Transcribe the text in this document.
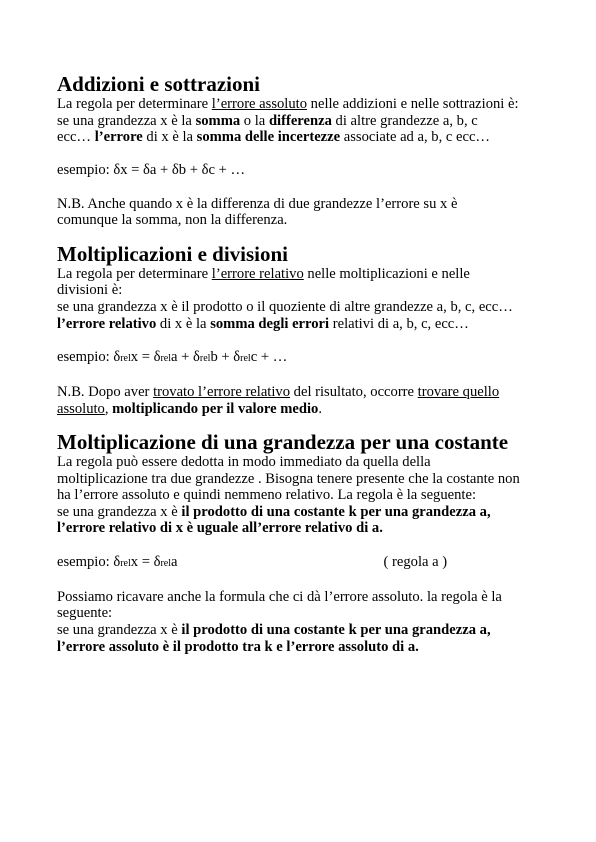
Addizioni e sottrazioni

La regola per determinare l’errore assoluto nelle addizioni e nelle sottrazioni è:

se una grandezza x è la somma o la differenza di altre grandezze a, b, c

ecc… l’errore di x è la somma delle incertezze associate ad a, b, c ecc…

esempio: δx = δa + δb + δc + …

N.B. Anche quando x è la differenza di due grandezze l’errore su x è

comunque la somma, non la differenza.

Moltiplicazioni e divisioni

La regola per determinare l’errore relativo nelle moltiplicazioni e nelle

divisioni è:

se una grandezza x è il prodotto o il quoziente di altre grandezze a, b, c, ecc…

l’errore relativo di x è la somma degli errori relativi di a, b, c, ecc…

esempio: δrelx = δrela + δrelb + δrelc + …

N.B. Dopo aver trovato l’errore relativo del risultato, occorre trovare quello

assoluto, moltiplicando per il valore medio.

Moltiplicazione di una grandezza per una costante

La regola può essere dedotta in modo immediato da quella della

moltiplicazione tra due grandezze . Bisogna tenere presente che la costante non

ha l’errore assoluto e quindi nemmeno relativo. La regola è la seguente:

se una grandezza x è il prodotto di una costante k per una grandezza a,

l’errore relativo di x è uguale all’errore relativo di a.

esempio: δrelx = δrela	( regola a )

Possiamo ricavare anche la formula che ci dà l’errore assoluto. la regola è la

seguente:

se una grandezza x è il prodotto di una costante k per una grandezza a,

l’errore assoluto è il prodotto tra k e l’errore assoluto di a.
